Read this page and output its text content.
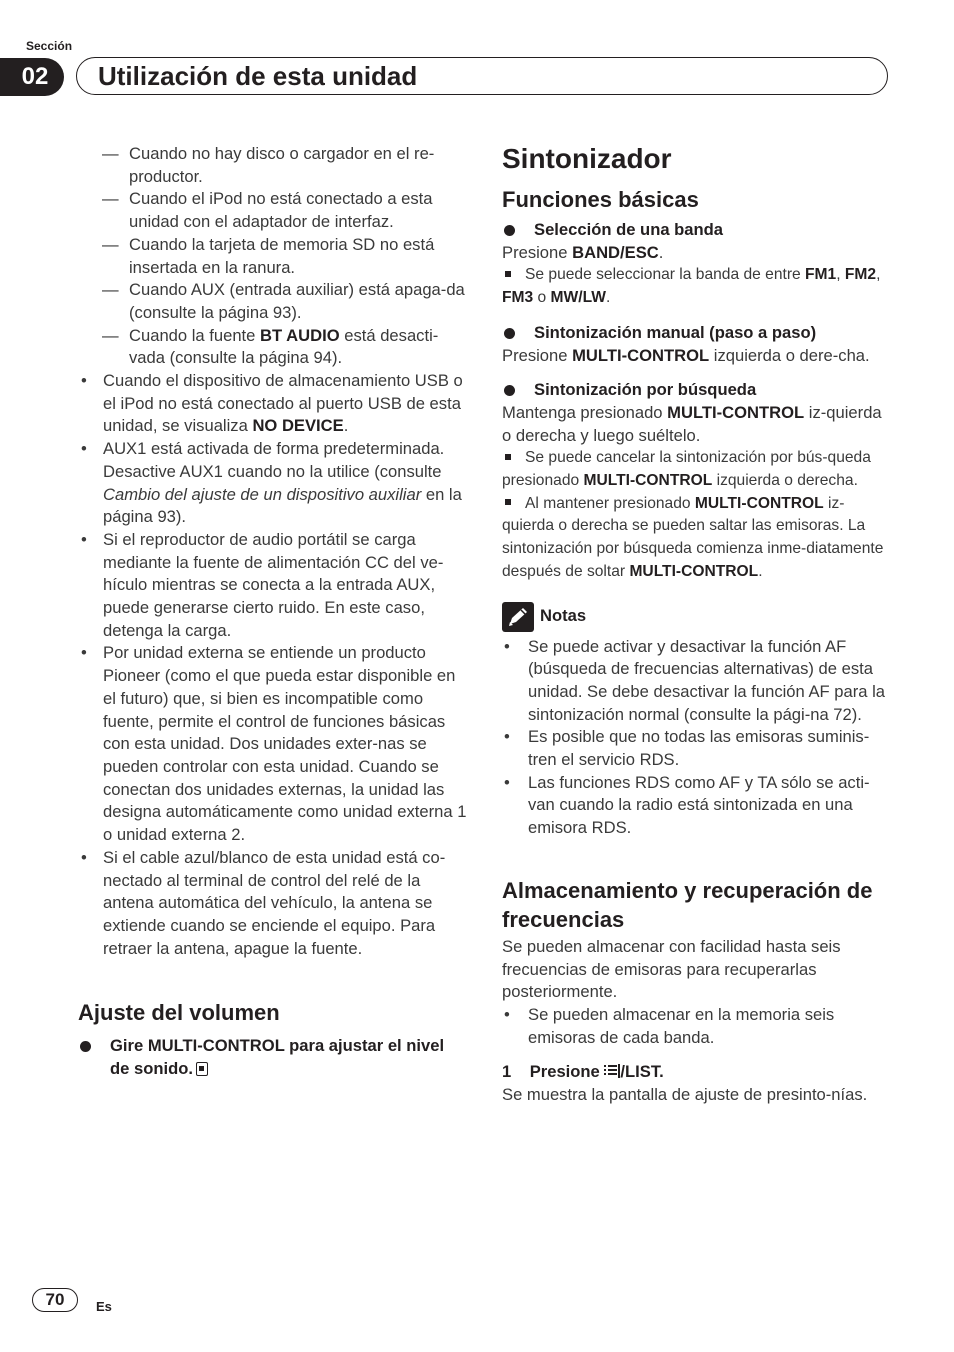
Sección
02	Utilización de esta unidad
— Cuando no hay disco o cargador en el re-productor.
— Cuando el iPod no está conectado a esta unidad con el adaptador de interfaz.
— Cuando la tarjeta de memoria SD no está insertada en la ranura.
— Cuando AUX (entrada auxiliar) está apaga-da (consulte la página 93).
— Cuando la fuente BT AUDIO está desacti-vada (consulte la página 94).
• Cuando el dispositivo de almacenamiento USB o el iPod no está conectado al puerto USB de esta unidad, se visualiza NO DEVICE.
• AUX1 está activada de forma predeterminada. Desactive AUX1 cuando no la utilice (consulte Cambio del ajuste de un dispositivo auxiliar en la página 93).
• Si el reproductor de audio portátil se carga mediante la fuente de alimentación CC del ve-hículo mientras se conecta a la entrada AUX, puede generarse cierto ruido. En este caso, detenga la carga.
• Por unidad externa se entiende un producto Pioneer (como el que pueda estar disponible en el futuro) que, si bien es incompatible como fuente, permite el control de funciones básicas con esta unidad. Dos unidades exter-nas se pueden controlar con esta unidad. Cuando se conectan dos unidades externas, la unidad las designa automáticamente como unidad externa 1 o unidad externa 2.
• Si el cable azul/blanco de esta unidad está co-nectado al terminal de control del relé de la antena automática del vehículo, la antena se extiende cuando se enciende el equipo. Para retraer la antena, apague la fuente.
Ajuste del volumen
Gire MULTI-CONTROL para ajustar el nivel de sonido.
Sintonizador
Funciones básicas
Selección de una banda
Presione BAND/ESC.
Se puede seleccionar la banda de entre FM1, FM2, FM3 o MW/LW.
Sintonización manual (paso a paso)
Presione MULTI-CONTROL izquierda o dere-cha.
Sintonización por búsqueda
Mantenga presionado MULTI-CONTROL iz-quierda o derecha y luego suéltelo.
Se puede cancelar la sintonización por bús-queda presionado MULTI-CONTROL izquierda o derecha.
Al mantener presionado MULTI-CONTROL iz-quierda o derecha se pueden saltar las emisoras. La sintonización por búsqueda comienza inme-diatamente después de soltar MULTI-CONTROL.
Notas
• Se puede activar y desactivar la función AF (búsqueda de frecuencias alternativas) de esta unidad. Se debe desactivar la función AF para la sintonización normal (consulte la pági-na 72).
• Es posible que no todas las emisoras suminis-tren el servicio RDS.
• Las funciones RDS como AF y TA sólo se acti-van cuando la radio está sintonizada en una emisora RDS.
Almacenamiento y recuperación de frecuencias
Se pueden almacenar con facilidad hasta seis frecuencias de emisoras para recuperarlas posteriormente.
• Se pueden almacenar en la memoria seis emisoras de cada banda.
1 Presione /LIST.
Se muestra la pantalla de ajuste de presinto-nías.
70	Es
